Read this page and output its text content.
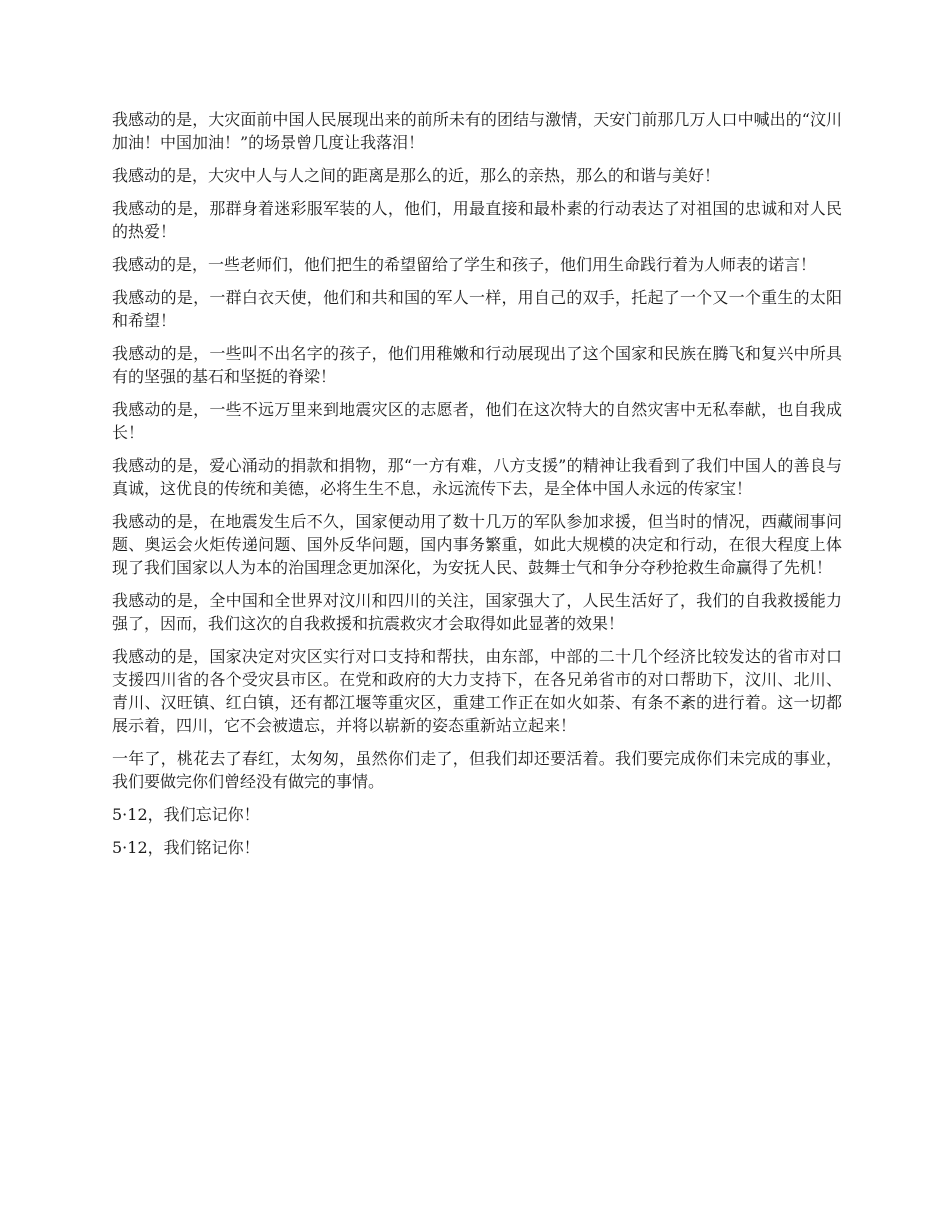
我感动的是，大灾面前中国人民展现出来的前所未有的团结与激情，天安门前那几万人口中喊出的“汶川加油！中国加油！”的场景曾几度让我落泪！

我感动的是，大灾中人与人之间的距离是那么的近，那么的亲热，那么的和谐与美好！

我感动的是，那群身着迷彩服军装的人，他们，用最直接和最朴素的行动表达了对祖国的忠诚和对人民的热爱！

我感动的是，一些老师们，他们把生的希望留给了学生和孩子，他们用生命践行着为人师表的诺言！

我感动的是，一群白衣天使，他们和共和国的军人一样，用自己的双手，托起了一个又一个重生的太阳和希望！

我感动的是，一些叫不出名字的孩子，他们用稚嫩和行动展现出了这个国家和民族在腾飞和复兴中所具有的坚强的基石和坚挺的脊梁！

我感动的是，一些不远万里来到地震灾区的志愿者，他们在这次特大的自然灾害中无私奉献，也自我成长！

我感动的是，爱心涌动的捐款和捐物，那“一方有难，八方支援”的精神让我看到了我们中国人的善良与真诚，这优良的传统和美德，必将生生不息，永远流传下去，是全体中国人永远的传家宝！

我感动的是，在地震发生后不久，国家便动用了数十几万的军队参加求援，但当时的情况，西藏闹事问题、奥运会火炬传递问题、国外反华问题，国内事务繁重，如此大规模的决定和行动，在很大程度上体现了我们国家以人为本的治国理念更加深化，为安抚人民、鼓舞士气和争分夺秒抢救生命赢得了先机！

我感动的是，全中国和全世界对汶川和四川的关注，国家强大了，人民生活好了，我们的自我救援能力强了，因而，我们这次的自我救援和抗震救灾才会取得如此显著的效果！

我感动的是，国家决定对灾区实行对口支持和帮扶，由东部，中部的二十几个经济比较发达的省市对口支援四川省的各个受灾县市区。在党和政府的大力支持下，在各兄弟省市的对口帮助下，汶川、北川、青川、汉旺镇、红白镇，还有都江堰等重灾区，重建工作正在如火如荼、有条不紊的进行着。这一切都展示着，四川，它不会被遗忘，并将以崭新的姿态重新站立起来！

一年了，桃花去了春红，太匆匆，虽然你们走了，但我们却还要活着。我们要完成你们未完成的事业，我们要做完你们曾经没有做完的事情。

5·12，我们忘记你！

5·12，我们铭记你！
